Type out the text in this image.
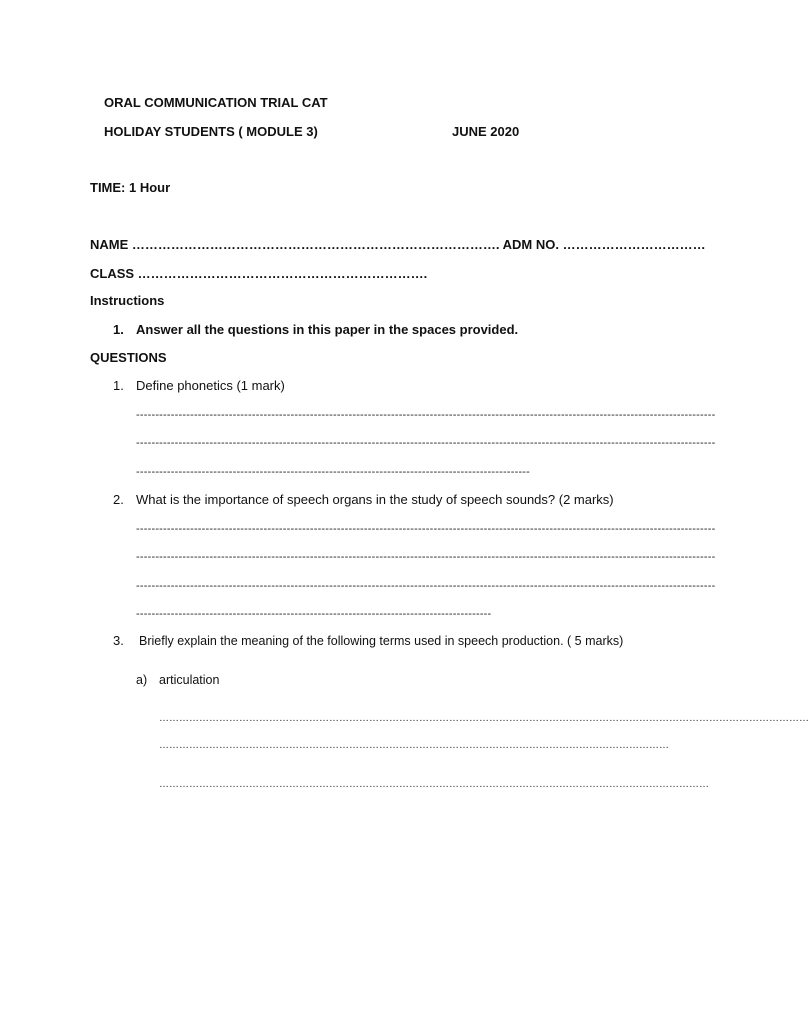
ORAL COMMUNICATION TRIAL CAT
HOLIDAY STUDENTS ( MODULE 3)	JUNE 2020
TIME: 1 Hour
NAME …………………………………………………………………………. ADM NO. ……………………………
CLASS ………………………………………………………….
Instructions
1. Answer all the questions in this paper in the spaces provided.
QUESTIONS
1. Define phonetics (1 mark)
------------------------------------------------------------------------------------------------------------------------------------------------------
------------------------------------------------------------------------------------------------------------------------------------------------------
------------------------------------------------------------------------------------------------------
2. What is the importance of speech organs in the study of speech sounds? (2 marks)
------------------------------------------------------------------------------------------------------------------------------------------------------
------------------------------------------------------------------------------------------------------------------------------------------------------
------------------------------------------------------------------------------------------------------------------------------------------------------
--------------------------------------------------------------------------------------------
3. Briefly explain the meaning of the following terms used in speech production. ( 5 marks)
a) articulation
……………………………………………………………………………………………………………………………………………………………………………
………………………………………………………………………………………………………………………………………
…………………………………………………………………………………………………………………………………………………
